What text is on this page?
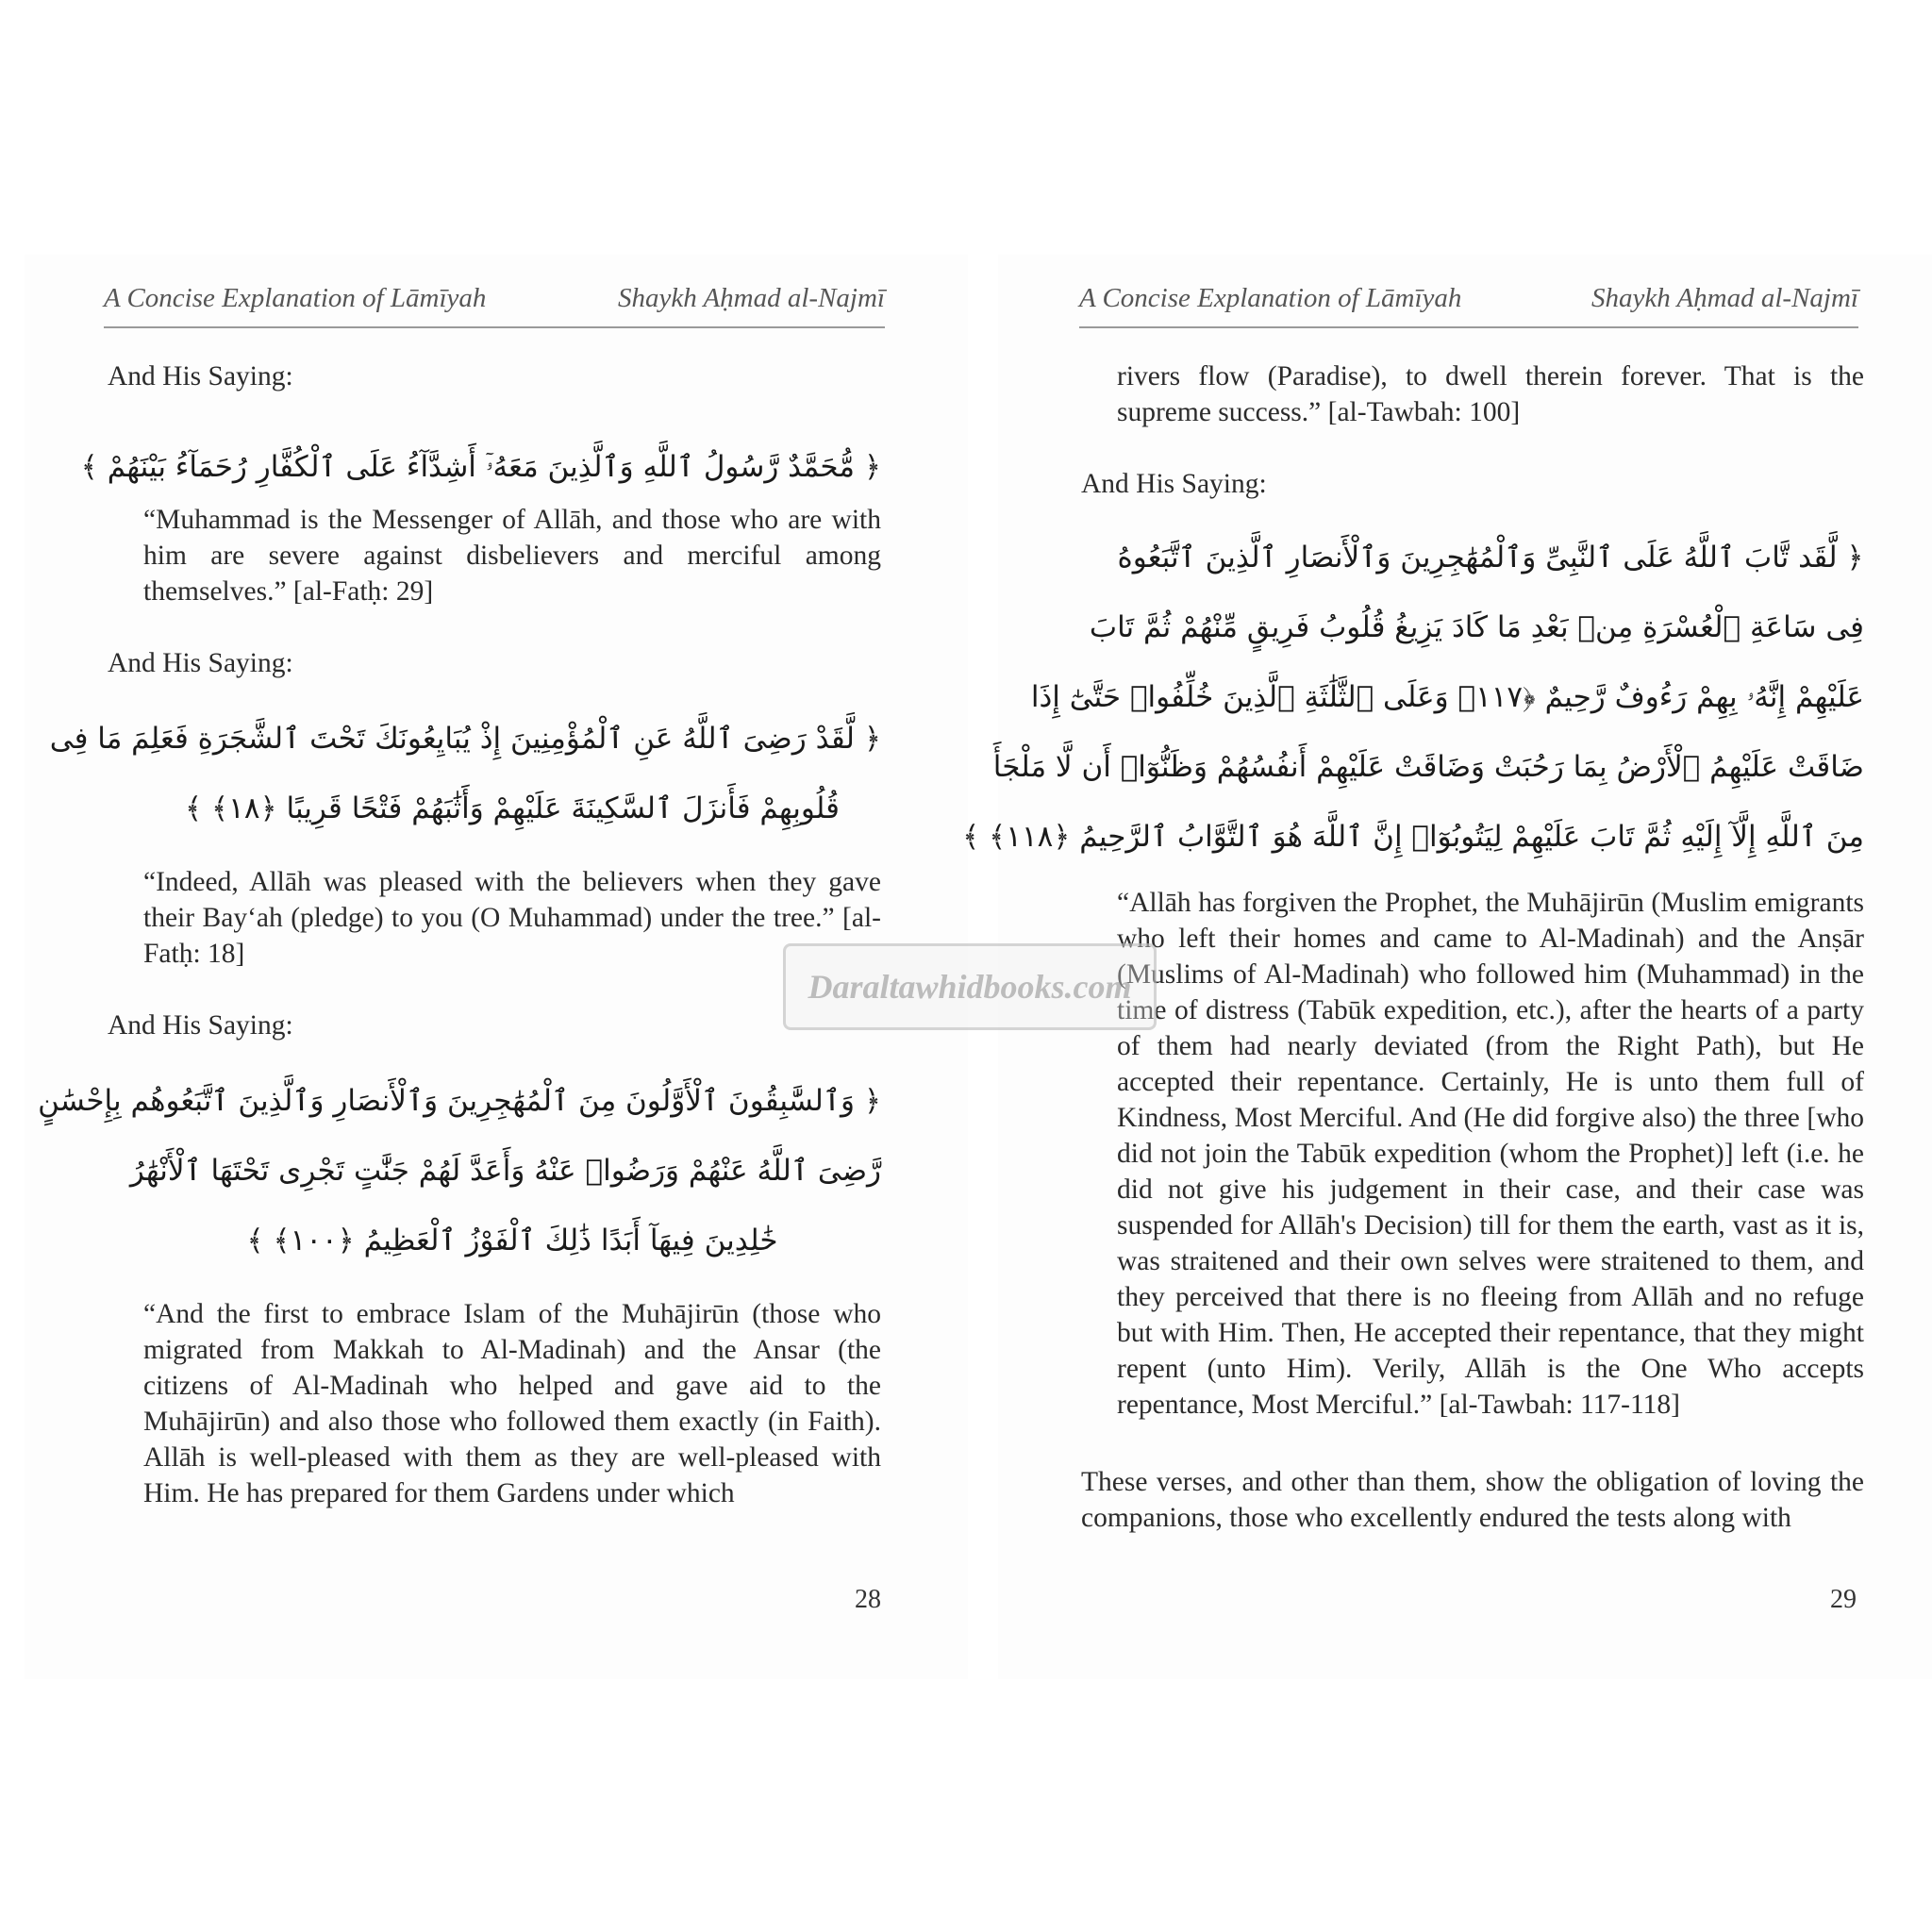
A Concise Explanation of Lāmīyah	Shaykh Aḥmad al-Najmī

And His Saying:

﴿ مُّحَمَّدٌ رَّسُولُ ٱللَّهِ وَٱلَّذِينَ مَعَهُۥٓ أَشِدَّآءُ عَلَى ٱلْكُفَّارِ رُحَمَآءُ بَيْنَهُمْ ﴾

“Muhammad is the Messenger of Allāh, and those who are with him are severe against disbelievers and merciful among themselves.” [al-Fatḥ: 29]

And His Saying:

﴿ لَّقَدْ رَضِىَ ٱللَّهُ عَنِ ٱلْمُؤْمِنِينَ إِذْ يُبَايِعُونَكَ تَحْتَ ٱلشَّجَرَةِ فَعَلِمَ مَا فِى
قُلُوبِهِمْ فَأَنزَلَ ٱلسَّكِينَةَ عَلَيْهِمْ وَأَثَٰبَهُمْ فَتْحًا قَرِيبًا ﴿١٨﴾ ﴾

“Indeed, Allāh was pleased with the believers when they gave their Bay‘ah (pledge) to you (O Muhammad) under the tree.” [al-Fatḥ: 18]

And His Saying:

﴿ وَٱلسَّٰبِقُونَ ٱلْأَوَّلُونَ مِنَ ٱلْمُهَٰجِرِينَ وَٱلْأَنصَارِ وَٱلَّذِينَ ٱتَّبَعُوهُم بِإِحْسَٰنٍ
رَّضِىَ ٱللَّهُ عَنْهُمْ وَرَضُوا۟ عَنْهُ وَأَعَدَّ لَهُمْ جَنَّٰتٍ تَجْرِى تَحْتَهَا ٱلْأَنْهَٰرُ
خَٰلِدِينَ فِيهَآ أَبَدًا ذَٰلِكَ ٱلْفَوْزُ ٱلْعَظِيمُ ﴿١٠٠﴾ ﴾

“And the first to embrace Islam of the Muhājirūn (those who migrated from Makkah to Al-Madinah) and the Ansar (the citizens of Al-Madinah who helped and gave aid to the Muhājirūn) and also those who followed them exactly (in Faith). Allāh is well-pleased with them as they are well-pleased with Him. He has prepared for them Gardens under which

28
A Concise Explanation of Lāmīyah	Shaykh Aḥmad al-Najmī

rivers flow (Paradise), to dwell therein forever. That is the supreme success.” [al-Tawbah: 100]

And His Saying:

﴿ لَّقَد تَّابَ ٱللَّهُ عَلَى ٱلنَّبِىِّ وَٱلْمُهَٰجِرِينَ وَٱلْأَنصَارِ ٱلَّذِينَ ٱتَّبَعُوهُ
فِى سَاعَةِ ٱلْعُسْرَةِ مِنۢ بَعْدِ مَا كَادَ يَزِيغُ قُلُوبُ فَرِيقٍ مِّنْهُمْ ثُمَّ تَابَ
عَلَيْهِمْ إِنَّهُۥ بِهِمْ رَءُوفٌ رَّحِيمٌ ﴿١١٧﴾ وَعَلَى ٱلثَّلَٰثَةِ ٱلَّذِينَ خُلِّفُوا۟ حَتَّىٰٓ إِذَا
ضَاقَتْ عَلَيْهِمُ ٱلْأَرْضُ بِمَا رَحُبَتْ وَضَاقَتْ عَلَيْهِمْ أَنفُسُهُمْ وَظَنُّوٓا۟ أَن لَّا مَلْجَأَ
مِنَ ٱللَّهِ إِلَّآ إِلَيْهِ ثُمَّ تَابَ عَلَيْهِمْ لِيَتُوبُوٓا۟ إِنَّ ٱللَّهَ هُوَ ٱلتَّوَّابُ ٱلرَّحِيمُ ﴿١١٨﴾ ﴾

“Allāh has forgiven the Prophet, the Muhājirūn (Muslim emigrants who left their homes and came to Al-Madinah) and the Anṣār (Muslims of Al-Madinah) who followed him (Muhammad) in the time of distress (Tabūk expedition, etc.), after the hearts of a party of them had nearly deviated (from the Right Path), but He accepted their repentance. Certainly, He is unto them full of Kindness, Most Merciful. And (He did forgive also) the three [who did not join the Tabūk expedition (whom the Prophet)] left (i.e. he did not give his judgement in their case, and their case was suspended for Allāh's Decision) till for them the earth, vast as it is, was straitened and their own selves were straitened to them, and they perceived that there is no fleeing from Allāh and no refuge but with Him. Then, He accepted their repentance, that they might repent (unto Him). Verily, Allāh is the One Who accepts repentance, Most Merciful.” [al-Tawbah: 117-118]

These verses, and other than them, show the obligation of loving the companions, those who excellently endured the tests along with

29
Daraltawhidbooks.com
